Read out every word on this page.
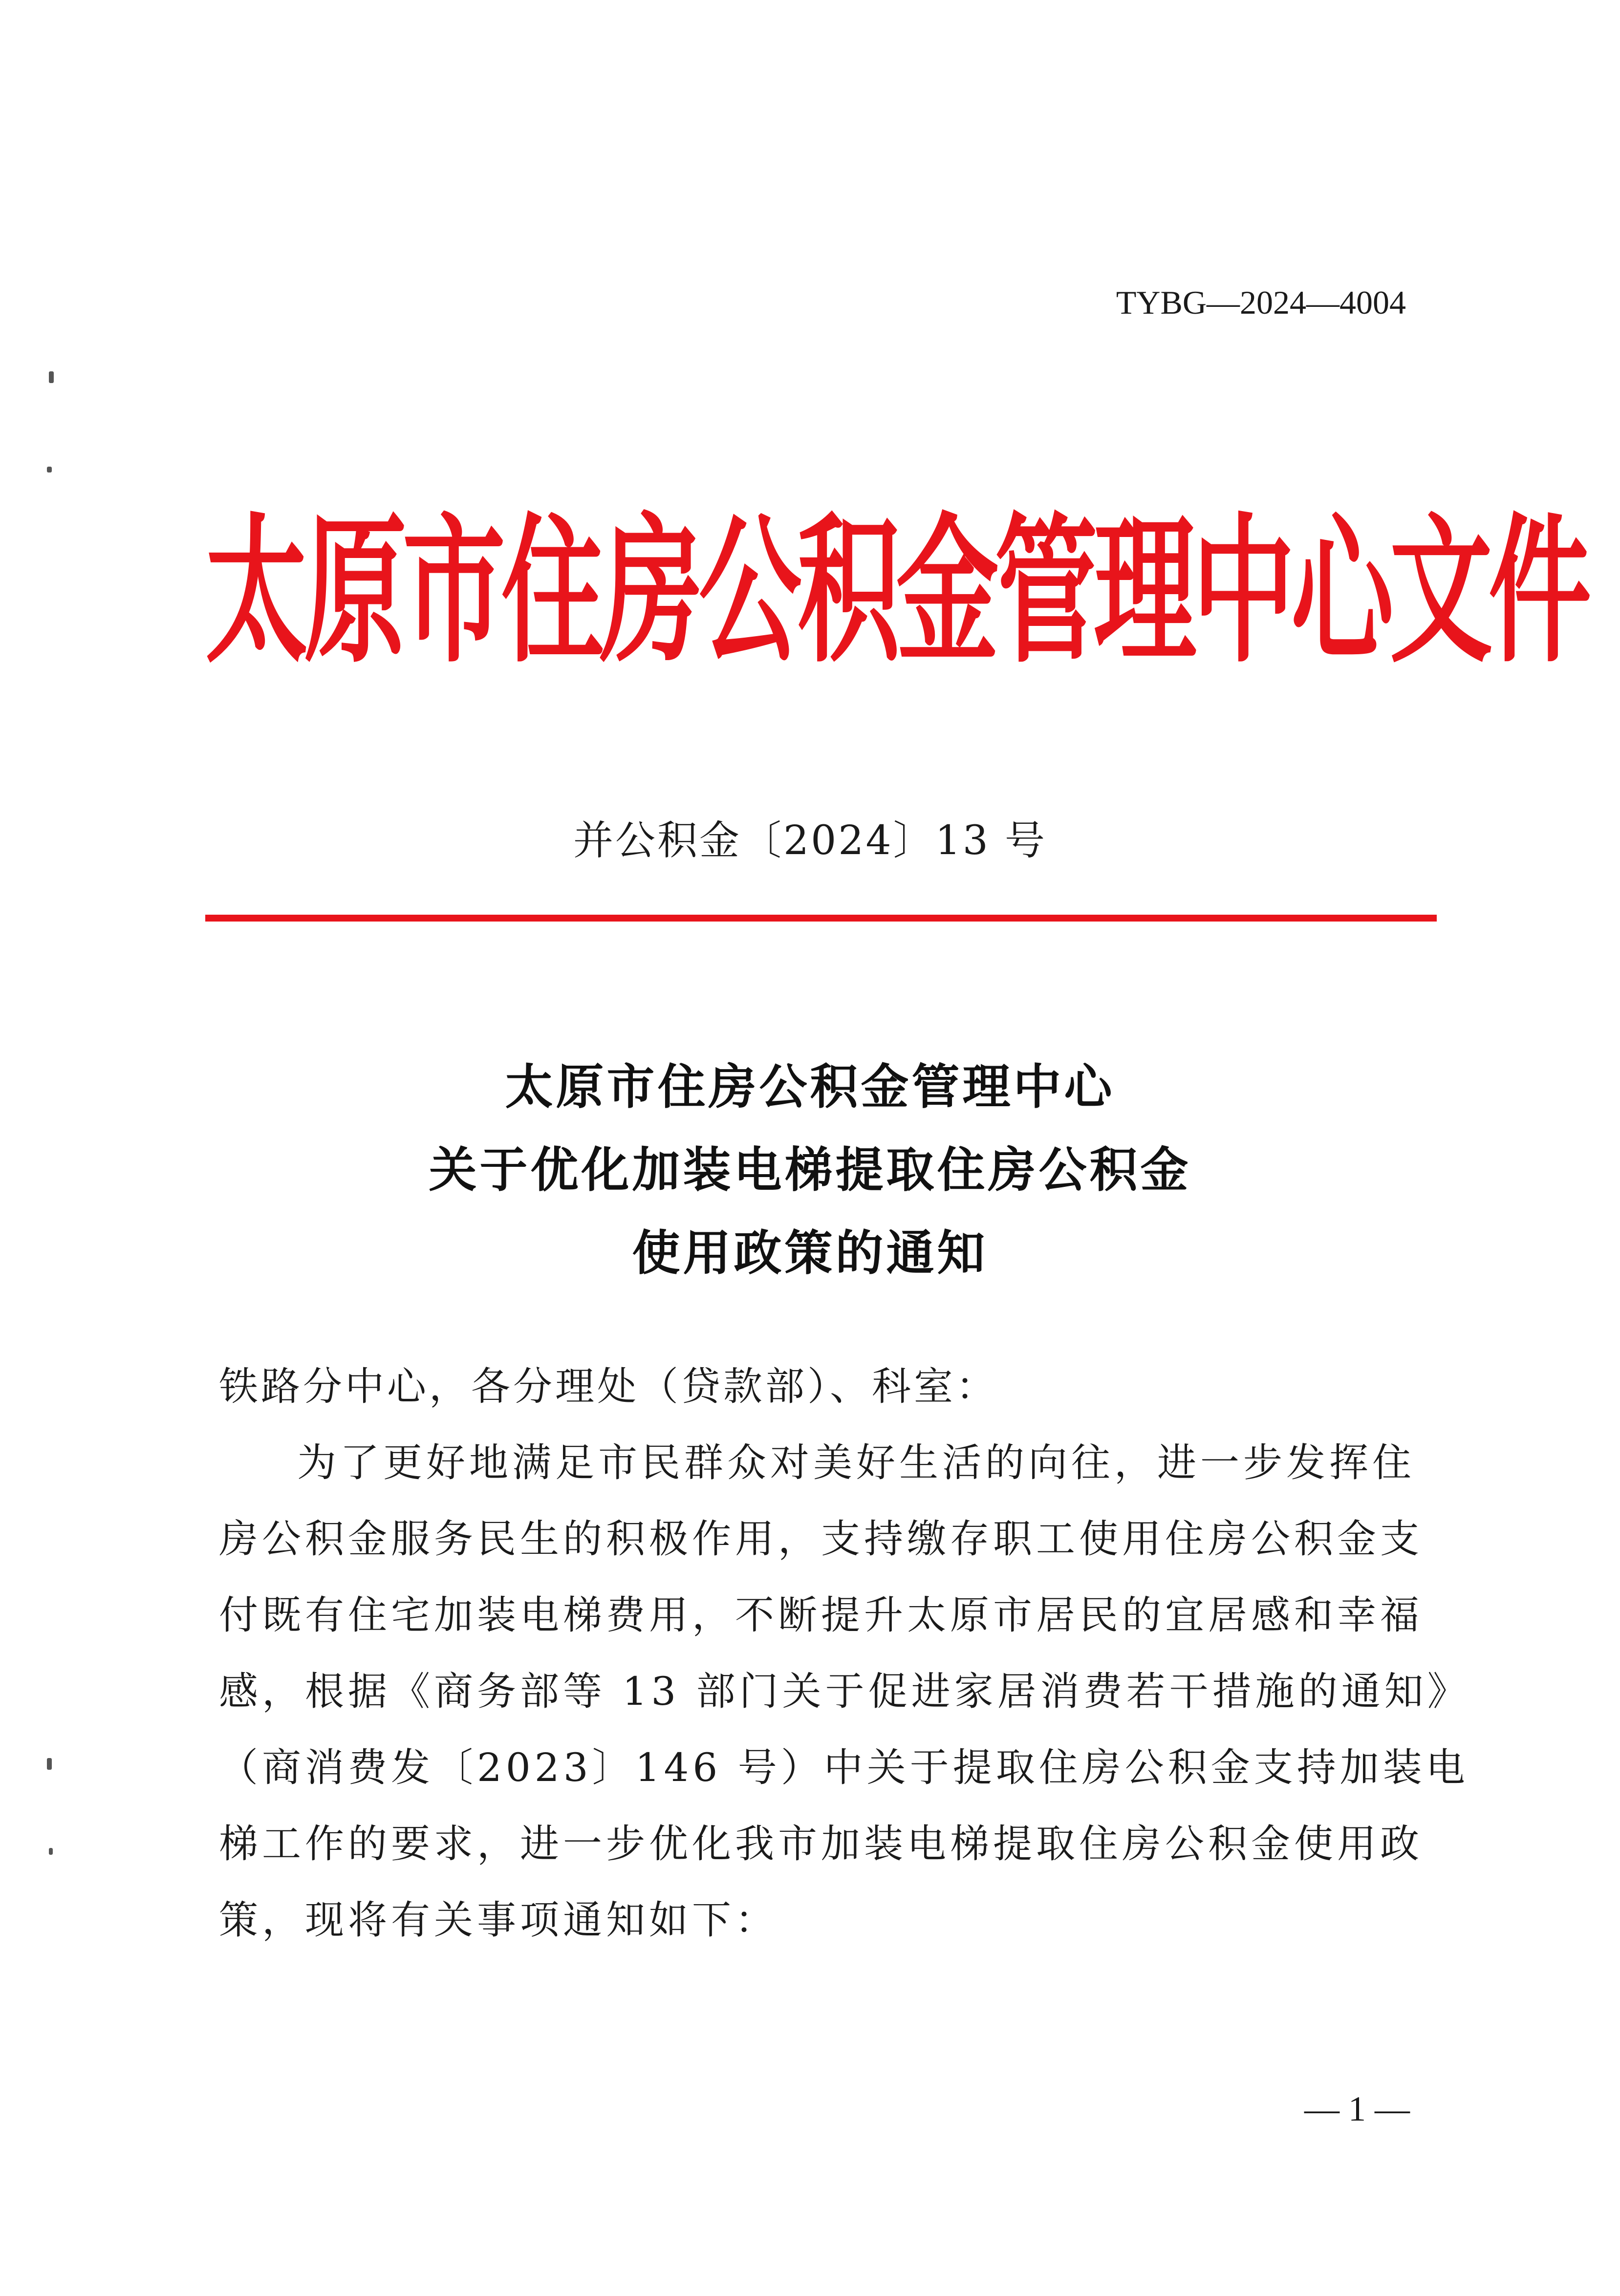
TYBG—2024—4004
太原市住房公积金管理中心文件
并公积金〔2024〕13 号
太原市住房公积金管理中心
关于优化加装电梯提取住房公积金
使用政策的通知

铁路分中心，各分理处（贷款部）、科室：

为了更好地满足市民群众对美好生活的向往，进一步发挥住

房公积金服务民生的积极作用，支持缴存职工使用住房公积金支

付既有住宅加装电梯费用，不断提升太原市居民的宜居感和幸福

感，根据《商务部等 13 部门关于促进家居消费若干措施的通知》

（商消费发〔2023〕146 号）中关于提取住房公积金支持加装电

梯工作的要求，进一步优化我市加装电梯提取住房公积金使用政

策，现将有关事项通知如下：

— 1 —
